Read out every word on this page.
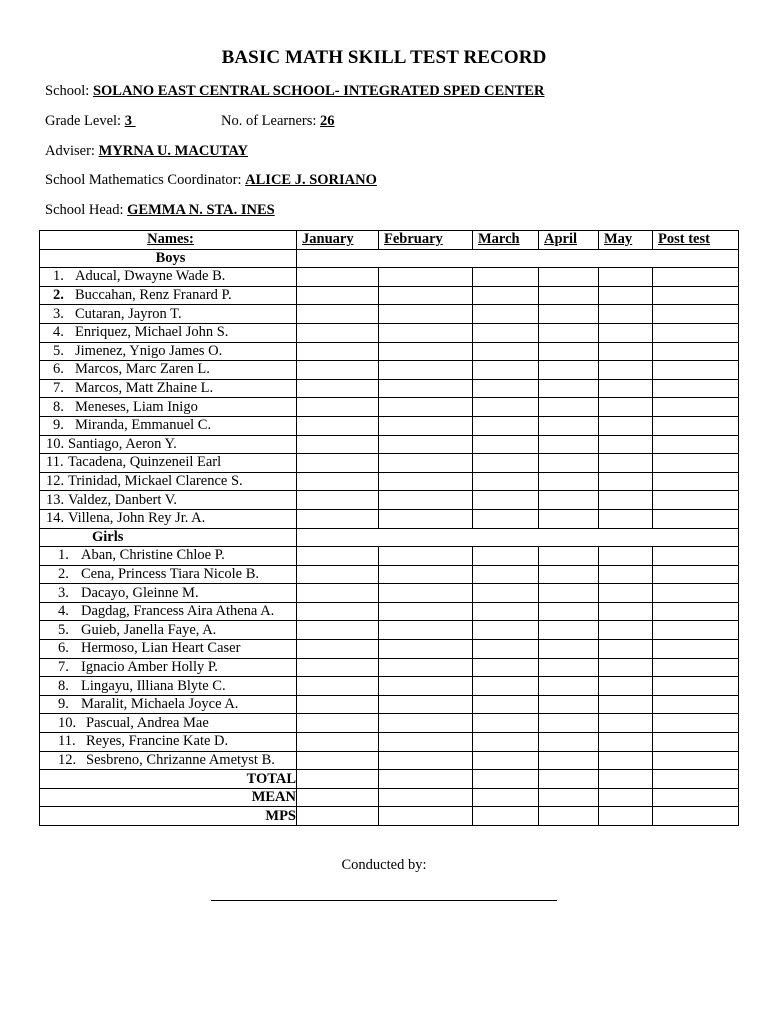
BASIC MATH SKILL TEST RECORD
School: SOLANO EAST CENTRAL SCHOOL- INTEGRATED SPED CENTER
Grade Level: 3	No. of Learners: 26
Adviser: MYRNA U. MACUTAY
School Mathematics Coordinator: ALICE J. SORIANO
School Head: GEMMA N. STA. INES
Names:	January	February	March	April	May	Post test
Boys						
1. Aducal, Dwayne Wade B.						
2. Buccahan, Renz Franard P.						
3. Cutaran, Jayron T.						
4. Enriquez, Michael John S.						
5. Jimenez, Ynigo James O.						
6. Marcos, Marc Zaren L.						
7. Marcos, Matt Zhaine L.						
8. Meneses, Liam Inigo						
9. Miranda, Emmanuel C.						
10. Santiago, Aeron Y.						
11. Tacadena, Quinzeneil Earl						
12. Trinidad, Mickael Clarence S.						
13. Valdez, Danbert V.						
14. Villena, John Rey Jr. A.						
Girls						
1. Aban, Christine Chloe P.						
2. Cena, Princess Tiara Nicole B.						
3. Dacayo, Gleinne M.						
4. Dagdag, Francess Aira Athena A.						
5. Guieb, Janella Faye, A.						
6. Hermoso, Lian Heart Caser						
7. Ignacio Amber Holly P.						
8. Lingayu, Illiana Blyte C.						
9. Maralit, Michaela Joyce A.						
10. Pascual, Andrea Mae						
11. Reyes, Francine Kate D.						
12. Sesbreno, Chrizanne Ametyst B.						
TOTAL						
MEAN						
MPS						
Conducted by:
